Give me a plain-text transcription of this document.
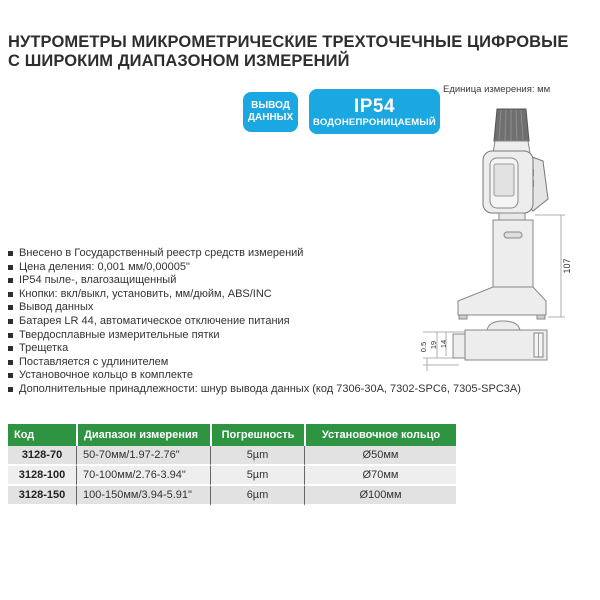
НУТРОМЕТРЫ МИКРОМЕТРИЧЕСКИЕ ТРЕХТОЧЕЧНЫЕ ЦИФРОВЫЕ
С ШИРОКИМ ДИАПАЗОНОМ ИЗМЕРЕНИЙ
ВЫВОД
ДАННЫХ
IP54
ВОДОНЕПРОНИЦАЕМЫЙ
Единица измерения: мм
107
14
19
0.5
Внесено в Государственный реестр средств измерений
Цена деления: 0,001 мм/0,00005"
IP54 пыле-, влагозащищенный
Кнопки: вкл/выкл, установить, мм/дюйм, ABS/INC
Вывод данных
Батарея LR 44, автоматическое отключение питания
Твердосплавные измерительные пятки
Трещетка
Поставляется с удлинителем
Установочное кольцо в комплекте
Дополнительные принадлежности: шнур вывода данных (код 7306-30А, 7302-SPC6, 7305-SPC3A)
Код	Диапазон измерения	Погрешность	Установочное кольцо
3128-70	50-70мм/1.97-2.76"	5µm	Ø50мм
3128-100	70-100мм/2.76-3.94"	5µm	Ø70мм
3128-150	100-150мм/3.94-5.91"	6µm	Ø100мм
